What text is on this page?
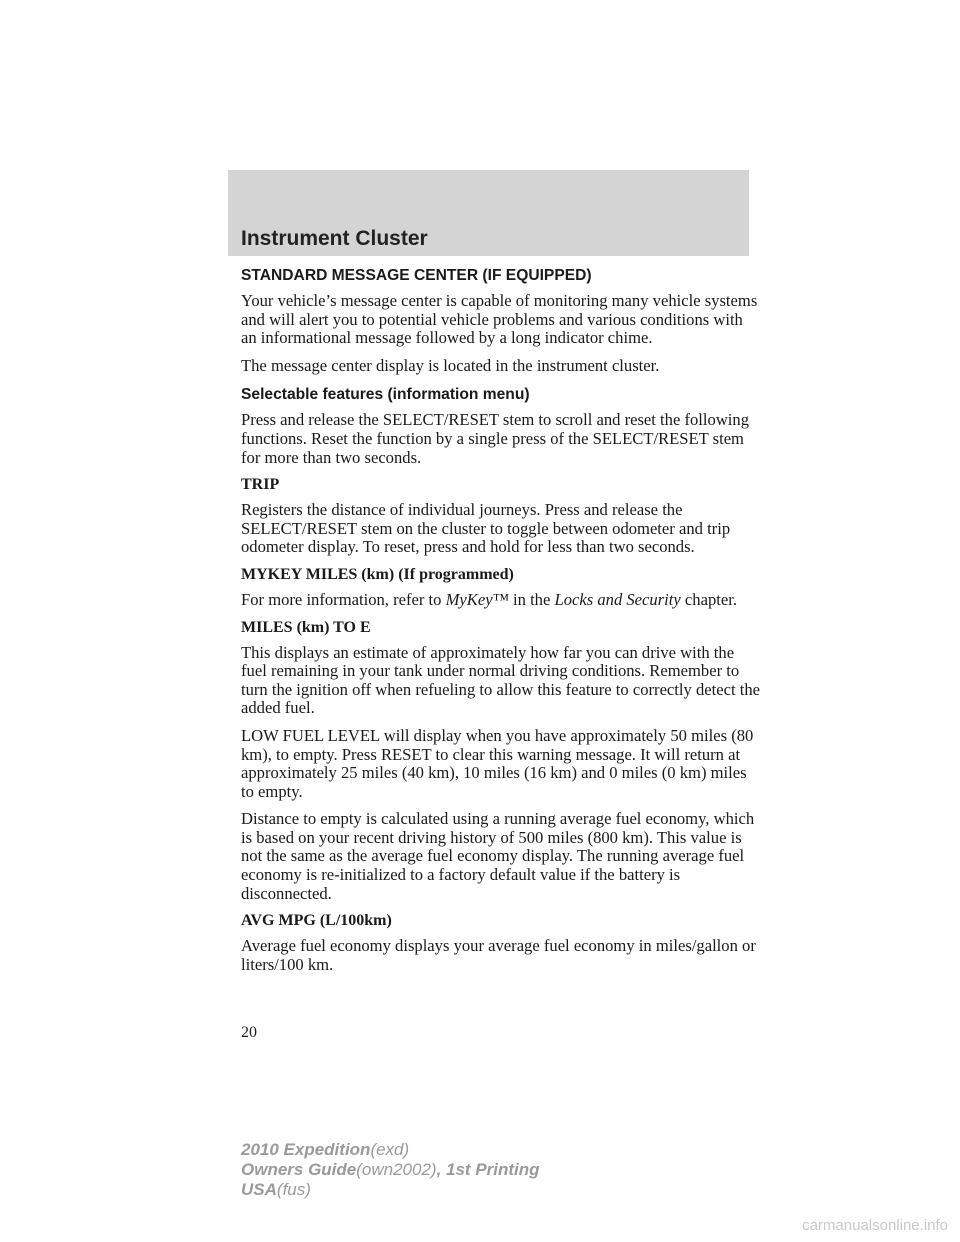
Instrument Cluster
STANDARD MESSAGE CENTER (IF EQUIPPED)

Your vehicle’s message center is capable of monitoring many vehicle systems and will alert you to potential vehicle problems and various conditions with an informational message followed by a long indicator chime.

The message center display is located in the instrument cluster.

Selectable features (information menu)

Press and release the SELECT/RESET stem to scroll and reset the following functions. Reset the function by a single press of the SELECT/RESET stem for more than two seconds.

TRIP

Registers the distance of individual journeys. Press and release the SELECT/RESET stem on the cluster to toggle between odometer and trip odometer display. To reset, press and hold for less than two seconds.

MYKEY MILES (km) (If programmed)

For more information, refer to MyKey™ in the Locks and Security chapter.

MILES (km) TO E

This displays an estimate of approximately how far you can drive with the fuel remaining in your tank under normal driving conditions. Remember to turn the ignition off when refueling to allow this feature to correctly detect the added fuel.

LOW FUEL LEVEL will display when you have approximately 50 miles (80 km), to empty. Press RESET to clear this warning message. It will return at approximately 25 miles (40 km), 10 miles (16 km) and 0 miles (0 km) miles to empty.

Distance to empty is calculated using a running average fuel economy, which is based on your recent driving history of 500 miles (800 km). This value is not the same as the average fuel economy display. The running average fuel economy is re-initialized to a factory default value if the battery is disconnected.

AVG MPG (L/100km)

Average fuel economy displays your average fuel economy in miles/gallon or liters/100 km.

20
2010 Expedition(exd)
Owners Guide(own2002), 1st Printing
USA(fus)
carmanualsonline.info
